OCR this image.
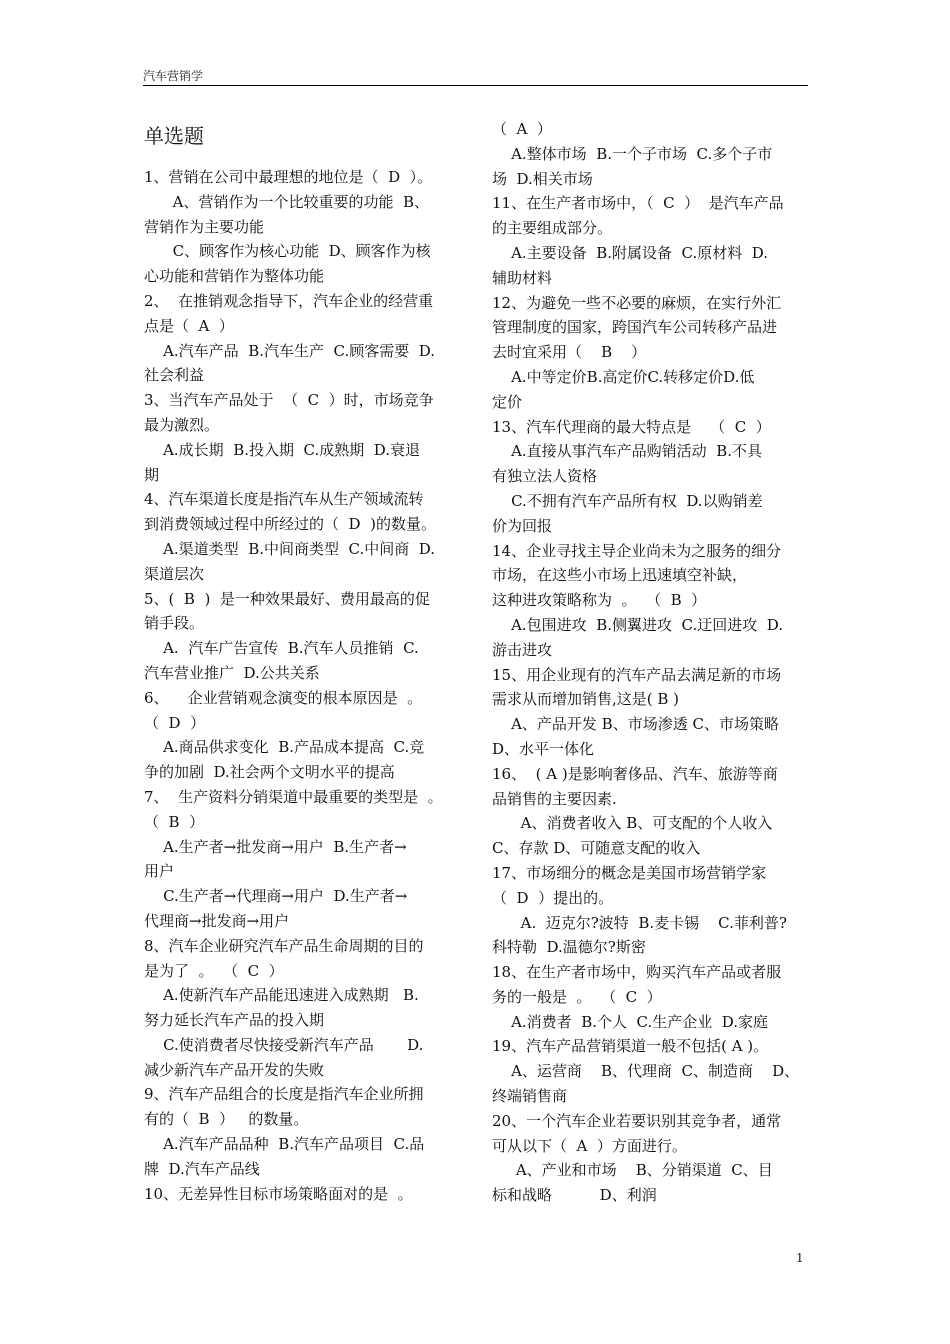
汽车营销学
单选题
1、营销在公司中最理想的地位是（  D  ）。
A、营销作为一个比较重要的功能  B、
营销作为主要功能
C、顾客作为核心功能  D、顾客作为核
心功能和营销作为整体功能
2、  在推销观念指导下，汽车企业的经营重
点是（  A  ）
A.汽车产品  B.汽车生产  C.顾客需要  D.
社会利益
3、当汽车产品处于  （  C  ）时，市场竞争
最为激烈。
A.成长期  B.投入期  C.成熟期  D.衰退
期
4、汽车渠道长度是指汽车从生产领域流转
到消费领域过程中所经过的（  D  )的数量。
A.渠道类型  B.中间商类型  C.中间商  D.
渠道层次
5、(  B  )  是一种效果最好、费用最高的促
销手段。
A.  汽车广告宣传  B.汽车人员推销  C.
汽车营业推广  D.公共关系
6、    企业营销观念演变的根本原因是  。
（  D  ）
A.商品供求变化  B.产品成本提高  C.竞
争的加剧  D.社会两个文明水平的提高
7、  生产资料分销渠道中最重要的类型是  。
（  B  ）
A.生产者→批发商→用户  B.生产者→
用户
C.生产者→代理商→用户  D.生产者→
代理商→批发商→用户
8、汽车企业研究汽车产品生命周期的目的
是为了  。  （  C  ）
A.使新汽车产品能迅速进入成熟期   B.
努力延长汽车产品的投入期
C.使消费者尽快接受新汽车产品       D.
减少新汽车产品开发的失败
9、汽车产品组合的长度是指汽车企业所拥
有的（  B  ）   的数量。
A.汽车产品品种  B.汽车产品项目  C.品
牌  D.汽车产品线
10、无差异性目标市场策略面对的是  。
（  A  ）
A.整体市场  B.一个子市场  C.多个子市
场  D.相关市场
11、在生产者市场中，（  C  ）  是汽车产品
的主要组成部分。
A.主要设备  B.附属设备  C.原材料  D.
辅助材料
12、为避免一些不必要的麻烦，在实行外汇
管理制度的国家，跨国汽车公司转移产品进
去时宜采用（    B    ）
A.中等定价B.高定价C.转移定价D.低
定价
13、汽车代理商的最大特点是    （  C  ）
A.直接从事汽车产品购销活动  B.不具
有独立法人资格
C.不拥有汽车产品所有权  D.以购销差
价为回报
14、企业寻找主导企业尚未为之服务的细分
市场，在这些小市场上迅速填空补缺，
这种进攻策略称为  。  （  B  ）
A.包围进攻  B.侧翼进攻  C.迂回进攻  D.
游击进攻
15、用企业现有的汽车产品去满足新的市场
需求从而增加销售,这是( B )
A、产品开发 B、市场渗透 C、市场策略
D、水平一体化
16、  ( A )是影响奢侈品、汽车、旅游等商
品销售的主要因素.
A、消费者收入 B、可支配的个人收入
C、存款 D、可随意支配的收入
17、市场细分的概念是美国市场营销学家
（  D  ）提出的。
A.  迈克尔?波特  B.麦卡锡    C.菲利普?
科特勒  D.温德尔?斯密
18、在生产者市场中，购买汽车产品或者服
务的一般是  。  （  C  ）
A.消费者  B.个人  C.生产企业  D.家庭
19、汽车产品营销渠道一般不包括( A )。
A、运营商    B、代理商  C、制造商    D、
终端销售商
20、一个汽车企业若要识别其竞争者，通常
可从以下（  A  ）方面进行。
A、产业和市场    B、分销渠道  C、目
标和战略          D、利润
1
